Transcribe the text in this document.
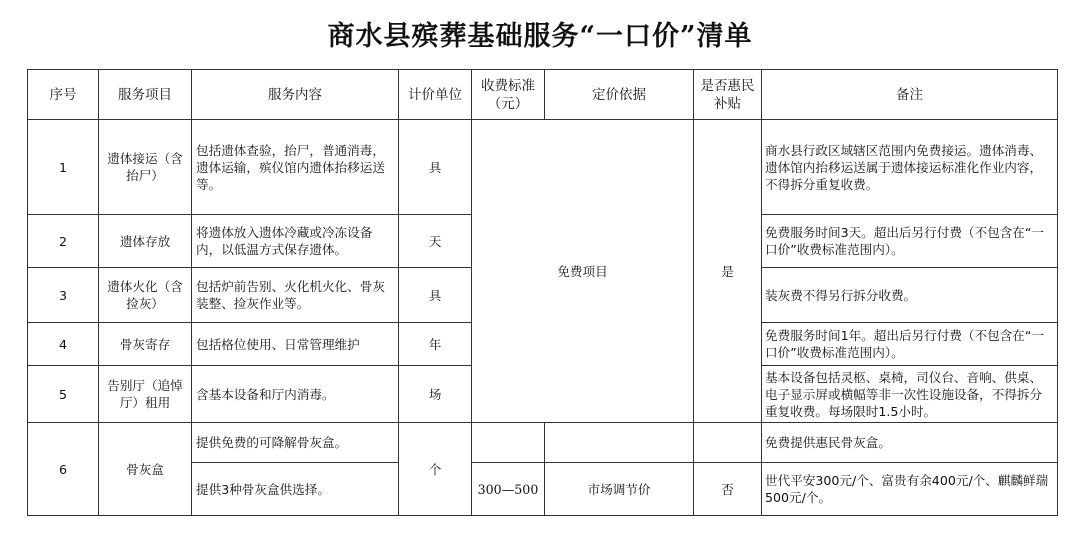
商水县殡葬基础服务“一口价”清单
序号	服务项目	服务内容	计价单位	收费标准（元）	定价依据	是否惠民补贴	备注
1	遗体接运（含抬尸）	包括遗体查验，抬尸，普通消毒，遗体运输，殡仪馆内遗体抬移运送等。	具	免费项目		是	商水县行政区域辖区范围内免费接运。遗体消毒、遗体馆内抬移运送属于遗体接运标准化作业内容，不得拆分重复收费。
2	遗体存放	将遗体放入遗体冷藏或冷冻设备内，以低温方式保存遗体。	天				免费服务时间3天。超出后另行付费（不包含在“一口价”收费标准范围内）。
3	遗体火化（含捡灰）	包括炉前告别、火化机火化、骨灰装整、捡灰作业等。	具				装灰费不得另行拆分收费。
4	骨灰寄存	包括格位使用、日常管理维护	年				免费服务时间1年。超出后另行付费（不包含在“一口价”收费标准范围内）。
5	告别厅（追悼厅）租用	含基本设备和厅内消毒。	场				基本设备包括灵柩、桌椅，司仪台、音响、供桌、电子显示屏或横幅等非一次性设施设备，不得拆分重复收费。每场限时1.5小时。
6	骨灰盒	提供免费的可降解骨灰盒。	个				免费提供惠民骨灰盒。
		提供3种骨灰盒供选择。		300—500	市场调节价	否	世代平安300元/个、富贵有余400元/个、麒麟鲜瑞500元/个。
